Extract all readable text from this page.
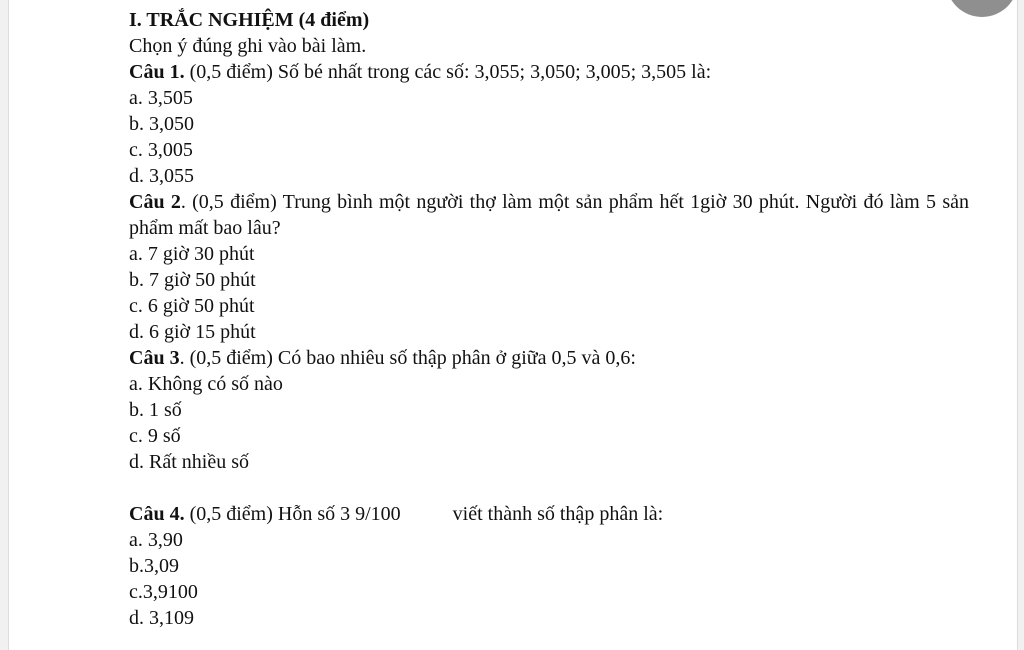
I. TRẮC NGHIỆM (4 điểm)

Chọn ý đúng ghi vào bài làm.

Câu 1. (0,5 điểm) Số bé nhất trong các số: 3,055; 3,050; 3,005; 3,505 là:

a. 3,505

b. 3,050

c. 3,005

d. 3,055

Câu 2. (0,5 điểm) Trung bình một người thợ làm một sản phẩm hết 1giờ 30 phút. Người đó làm 5 sản phẩm mất bao lâu?

a. 7 giờ 30 phút

b. 7 giờ 50 phút

c. 6 giờ 50 phút

d. 6 giờ 15 phút

Câu 3. (0,5 điểm) Có bao nhiêu số thập phân ở giữa 0,5 và 0,6:

a. Không có số nào

b. 1 số

c. 9 số

d. Rất nhiều số

Câu 4. (0,5 điểm) Hỗn số 3 9/100	viết thành số thập phân là:

a. 3,90

b.3,09

c.3,9100

d. 3,109
